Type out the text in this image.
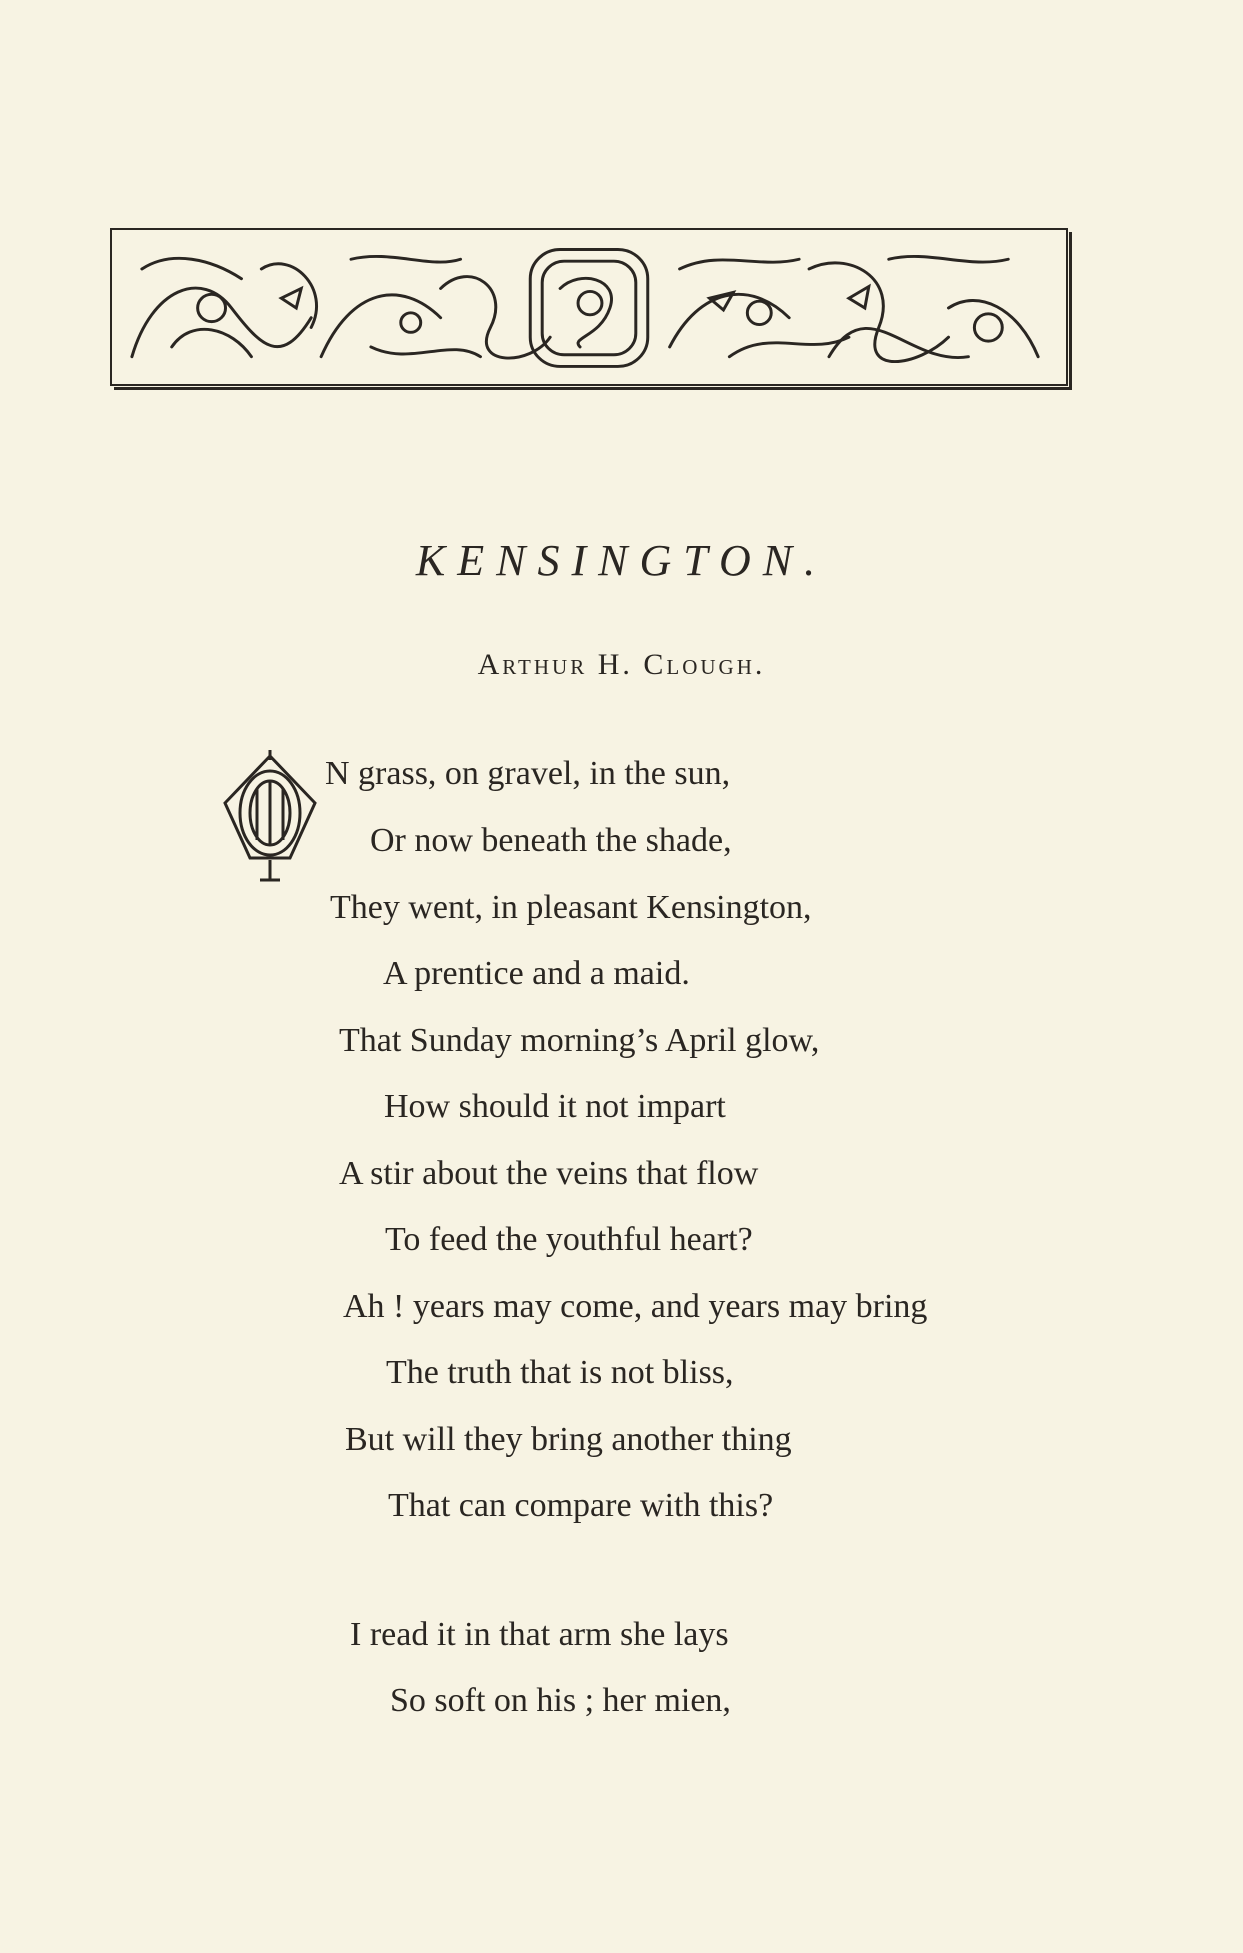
KENSINGTON.
Arthur H. Clough.
N grass, on gravel, in the sun,
Or now beneath the shade,
They went, in pleasant Kensington,
A prentice and a maid.
That Sunday morning’s April glow,
How should it not impart
A stir about the veins that flow
To feed the youthful heart?
Ah ! years may come, and years may bring
The truth that is not bliss,
But will they bring another thing
That can compare with this?
I read it in that arm she lays
So soft on his ; her mien,
